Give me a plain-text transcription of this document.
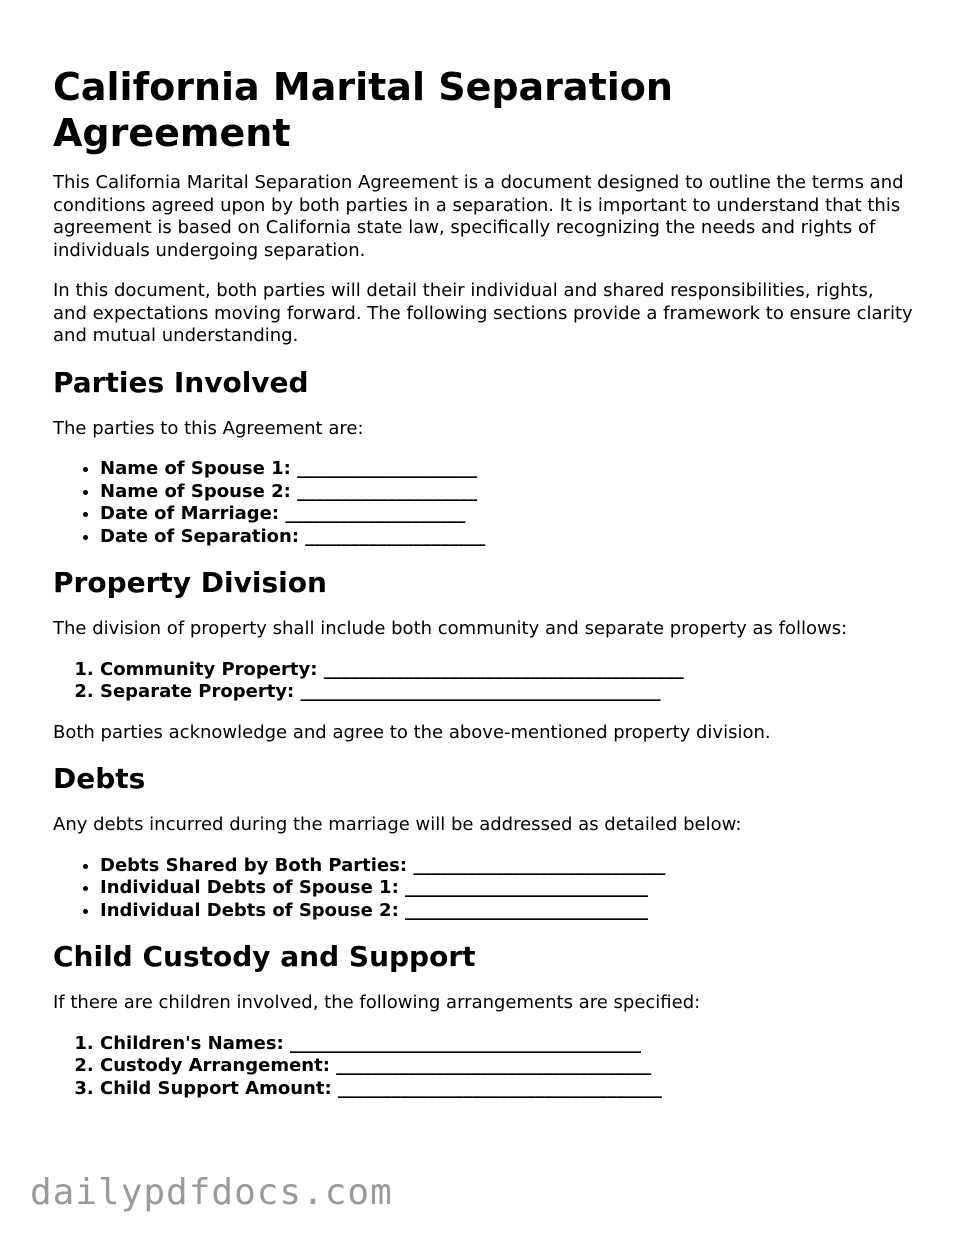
California Marital Separation Agreement

This California Marital Separation Agreement is a document designed to outline the terms and conditions agreed upon by both parties in a separation. It is important to understand that this agreement is based on California state law, specifically recognizing the needs and rights of individuals undergoing separation.

In this document, both parties will detail their individual and shared responsibilities, rights, and expectations moving forward. The following sections provide a framework to ensure clarity and mutual understanding.

Parties Involved

The parties to this Agreement are:

• Name of Spouse 1: ____________________
• Name of Spouse 2: ____________________
• Date of Marriage: ____________________
• Date of Separation: ____________________
Property Division

The division of property shall include both community and separate property as follows:

1. Community Property: ________________________________________
2. Separate Property: ________________________________________

Both parties acknowledge and agree to the above-mentioned property division.

Debts

Any debts incurred during the marriage will be addressed as detailed below:

• Debts Shared by Both Parties: ____________________________
• Individual Debts of Spouse 1: ___________________________
• Individual Debts of Spouse 2: ___________________________
Child Custody and Support

If there are children involved, the following arrangements are specified:

1. Children's Names: _______________________________________
2. Custody Arrangement: ___________________________________
3. Child Support Amount: ____________________________________
dailypdfdocs.com
